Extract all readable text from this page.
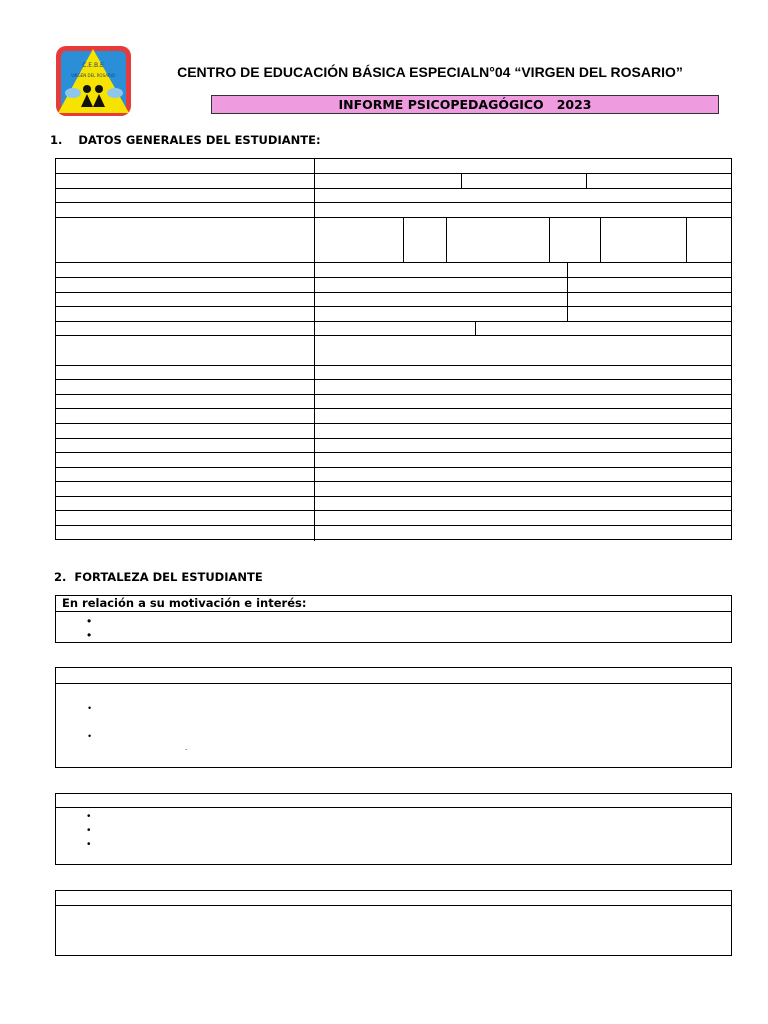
C.E.B.E
VIRGEN DEL ROSARIO	CENTRO DE EDUCACIÓN BÁSICA ESPECIALN°04 “VIRGEN DEL ROSARIO”
INFORME PSICOPEDAGÓGICO   2023
1.    DATOS GENERALES DEL ESTUDIANTE:
2.  FORTALEZA DEL ESTUDIANTE
En relación a su motivación e interés:
•
•
•
•
.
•
•
•
